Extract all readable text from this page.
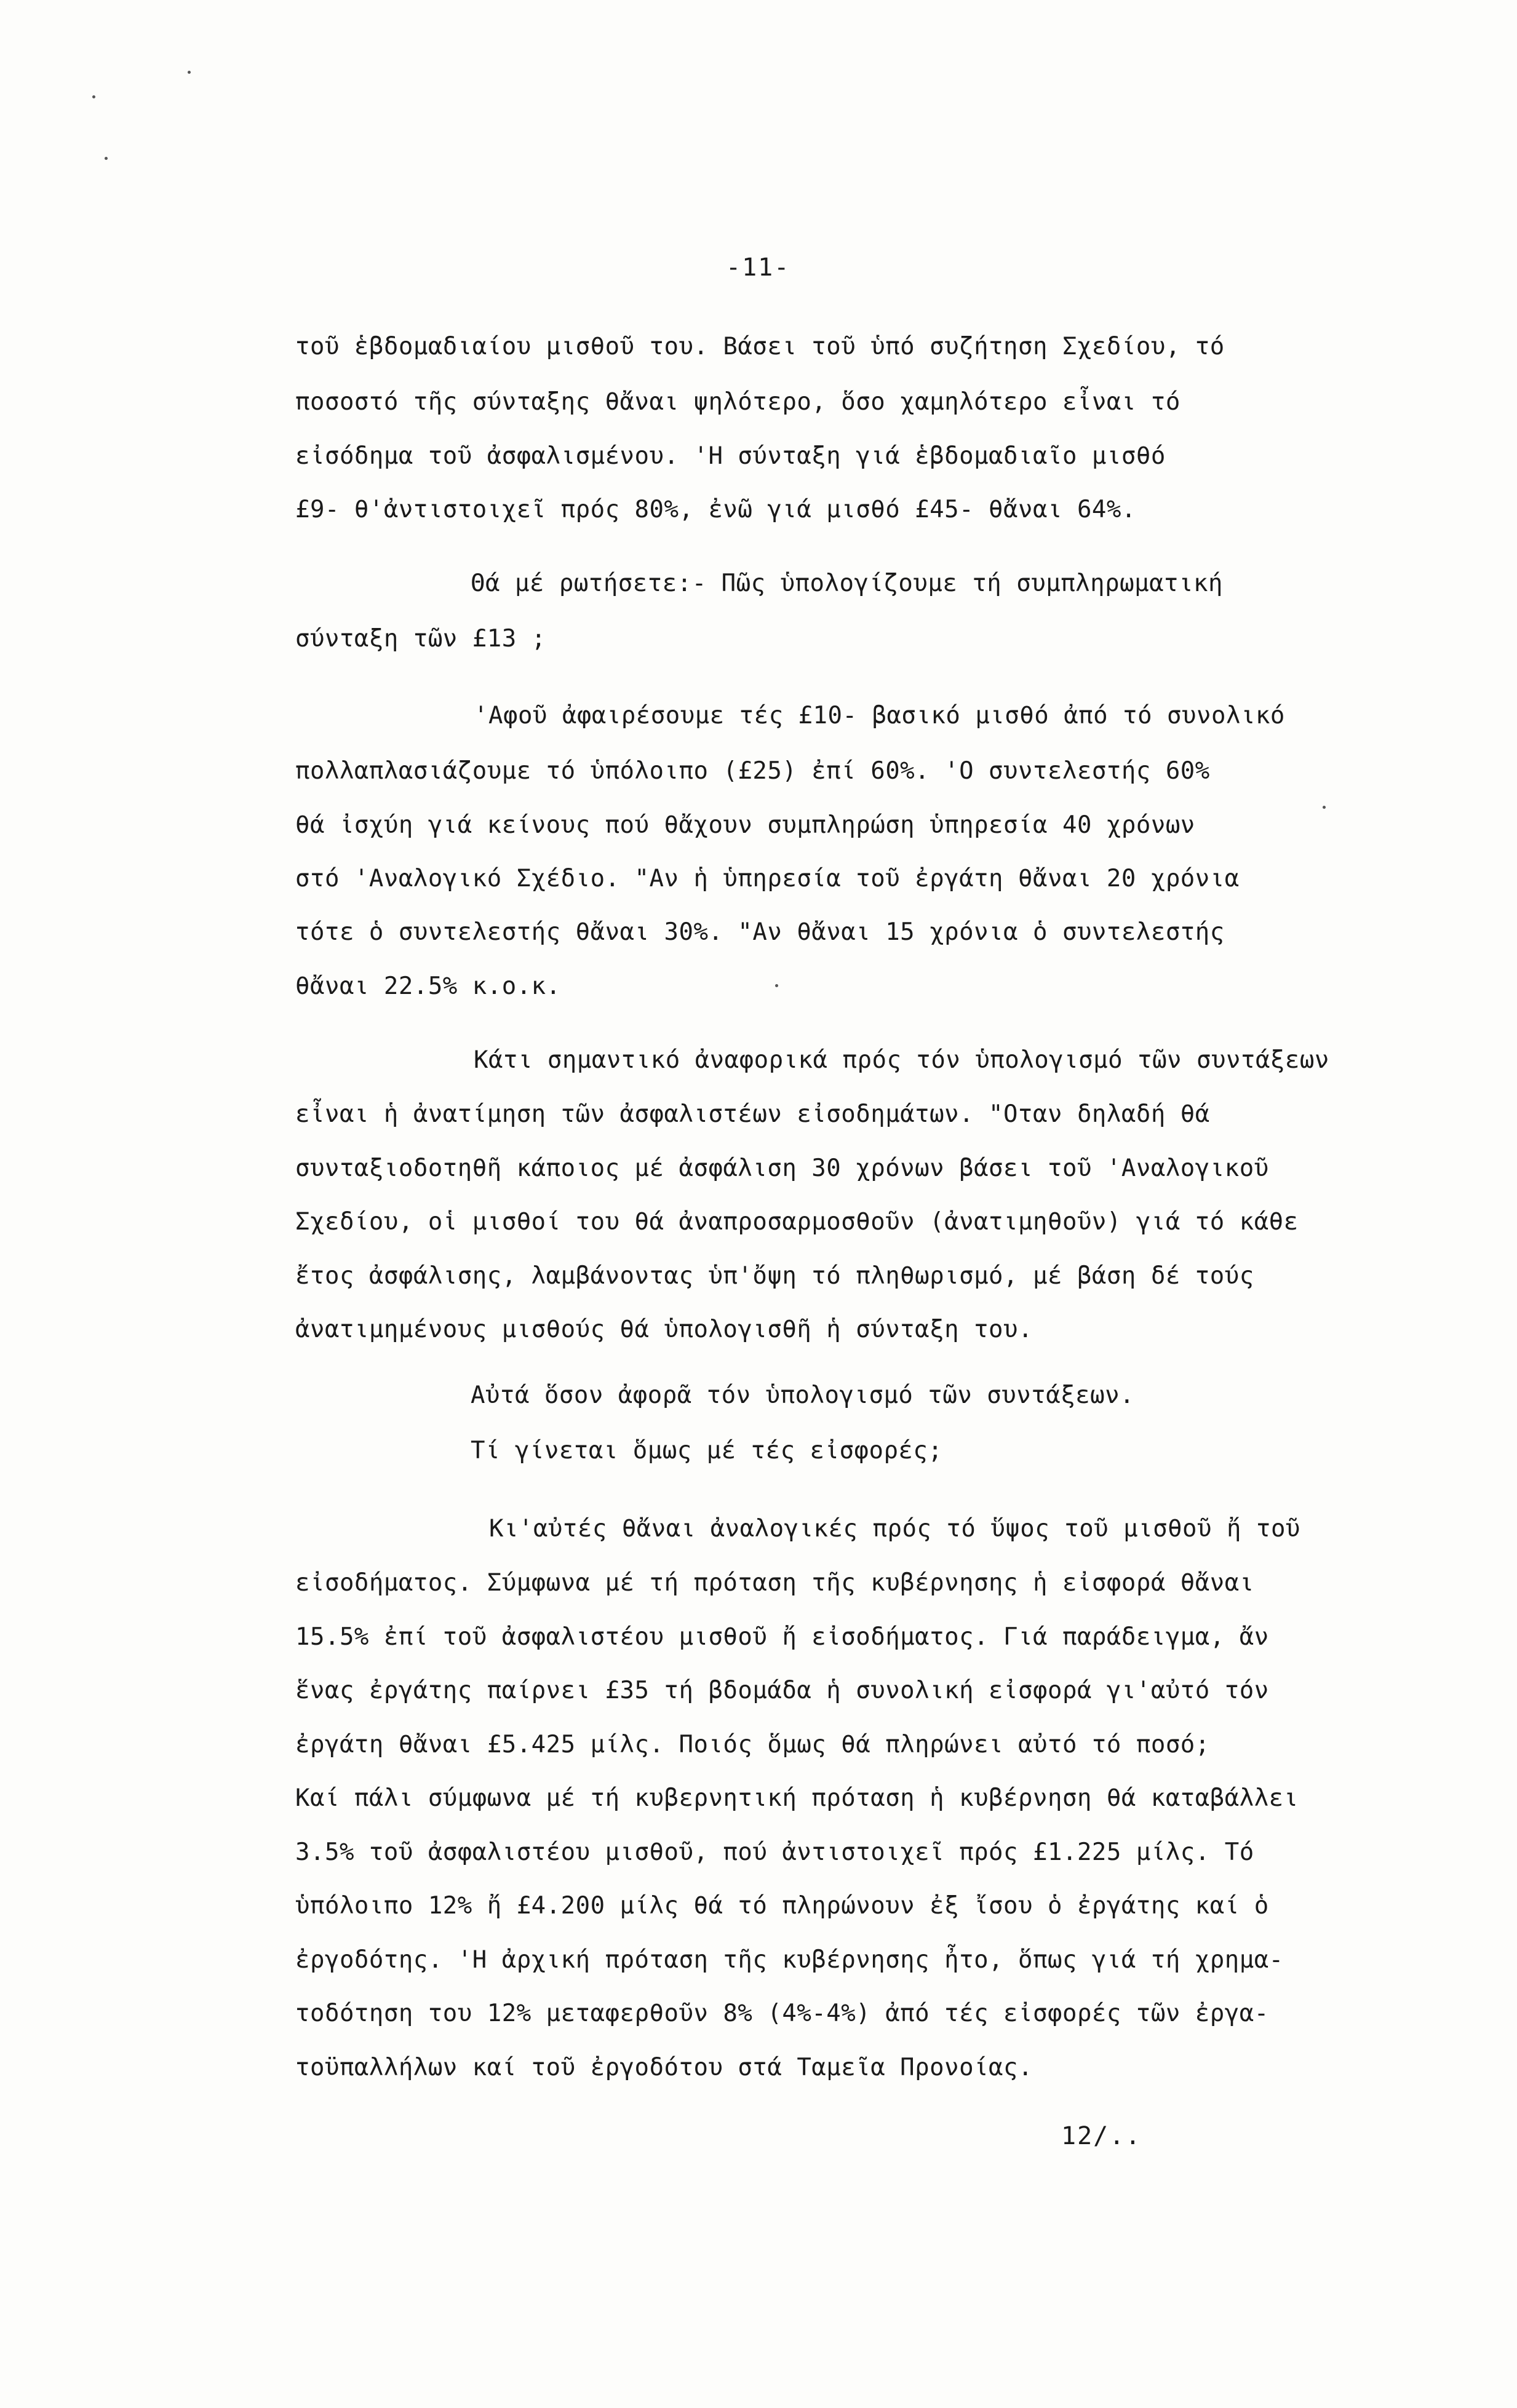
-11-
τοῦ ἑβδομαδιαίου μισθοῦ του. Βάσει τοῦ ὑπό συζήτηση Σχεδίου, τό
ποσοστό τῆς σύνταξης θἄναι ψηλότερο, ὅσο χαμηλότερο εἶναι τό
εἰσόδημα τοῦ ἀσφαλισμένου. 'Η σύνταξη γιά ἑβδομαδιαῖο μισθό
£9- θ'ἀντιστοιχεῖ πρός 80%, ἐνῶ γιά μισθό £45- θἄναι 64%.
Θά μέ ρωτήσετε:- Πῶς ὑπολογίζουμε τή συμπληρωματική
σύνταξη τῶν £13 ;
'Αφοῦ ἀφαιρέσουμε τές £10- βασικό μισθό ἀπό τό συνολικό
πολλαπλασιάζουμε τό ὑπόλοιπο (£25) ἐπί 60%. 'Ο συντελεστής 60%
θά ἰσχύη γιά κείνους πού θἄχουν συμπληρώση ὑπηρεσία 40 χρόνων
στό 'Αναλογικό Σχέδιο. "Αν ἡ ὑπηρεσία τοῦ ἐργάτη θἄναι 20 χρόνια
τότε ὁ συντελεστής θἄναι 30%. "Αν θἄναι 15 χρόνια ὁ συντελεστής
θἄναι 22.5% κ.ο.κ.
Κάτι σημαντικό ἀναφορικά πρός τόν ὑπολογισμό τῶν συντάξεων
εἶναι ἡ ἀνατίμηση τῶν ἀσφαλιστέων εἰσοδημάτων. "Οταν δηλαδή θά
συνταξιοδοτηθῆ κάποιος μέ ἀσφάλιση 30 χρόνων βάσει τοῦ 'Αναλογικοῦ
Σχεδίου, οἱ μισθοί του θά ἀναπροσαρμοσθοῦν (ἀνατιμηθοῦν) γιά τό κάθε
ἔτος ἀσφάλισης, λαμβάνοντας ὑπ'ὄψη τό πληθωρισμό, μέ βάση δέ τούς
ἀνατιμημένους μισθούς θά ὑπολογισθῆ ἡ σύνταξη του.
Αὐτά ὅσον ἀφορᾶ τόν ὑπολογισμό τῶν συντάξεων.
Τί γίνεται ὅμως μέ τές εἰσφορές;
Κι'αὐτές θἄναι ἀναλογικές πρός τό ὕψος τοῦ μισθοῦ ἤ τοῦ
εἰσοδήματος. Σύμφωνα μέ τή πρόταση τῆς κυβέρνησης ἡ εἰσφορά θἄναι
15.5% ἐπί τοῦ ἀσφαλιστέου μισθοῦ ἤ εἰσοδήματος. Γιά παράδειγμα, ἄν
ἕνας ἐργάτης παίρνει £35 τή βδομάδα ἡ συνολική εἰσφορά γι'αὐτό τόν
ἐργάτη θἄναι £5.425 μίλς. Ποιός ὅμως θά πληρώνει αὐτό τό ποσό;
Καί πάλι σύμφωνα μέ τή κυβερνητική πρόταση ἡ κυβέρνηση θά καταβάλλει
3.5% τοῦ ἀσφαλιστέου μισθοῦ, πού ἀντιστοιχεῖ πρός £1.225 μίλς. Τό
ὑπόλοιπο 12% ἤ £4.200 μίλς θά τό πληρώνουν ἐξ ἴσου ὁ ἐργάτης καί ὁ
ἐργοδότης. 'Η ἀρχική πρόταση τῆς κυβέρνησης ἦτο, ὅπως γιά τή χρημα-
τοδότηση του 12% μεταφερθοῦν 8% (4%-4%) ἀπό τές εἰσφορές τῶν ἐργα-
τοϋπαλλήλων καί τοῦ ἐργοδότου στά Ταμεῖα Προνοίας.
12/..
